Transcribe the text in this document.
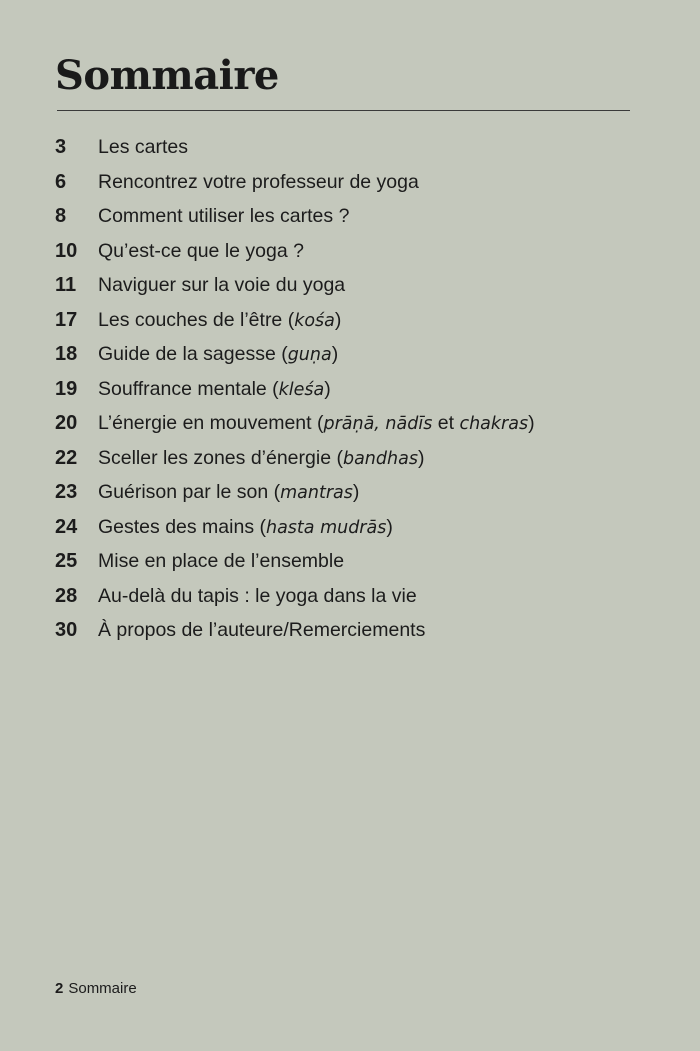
Sommaire
3	Les cartes
6	Rencontrez votre professeur de yoga
8	Comment utiliser les cartes ?
10	Qu’est-ce que le yoga ?
11	Naviguer sur la voie du yoga
17	Les couches de l’être (kośa)
18	Guide de la sagesse (guṇa)
19	Souffrance mentale (kleśa)
20	L’énergie en mouvement (prāṇā, nādīs et chakras)
22	Sceller les zones d’énergie (bandhas)
23	Guérison par le son (mantras)
24	Gestes des mains (hasta mudrās)
25	Mise en place de l’ensemble
28	Au-delà du tapis : le yoga dans la vie
30	À propos de l’auteure/Remerciements
2 Sommaire
